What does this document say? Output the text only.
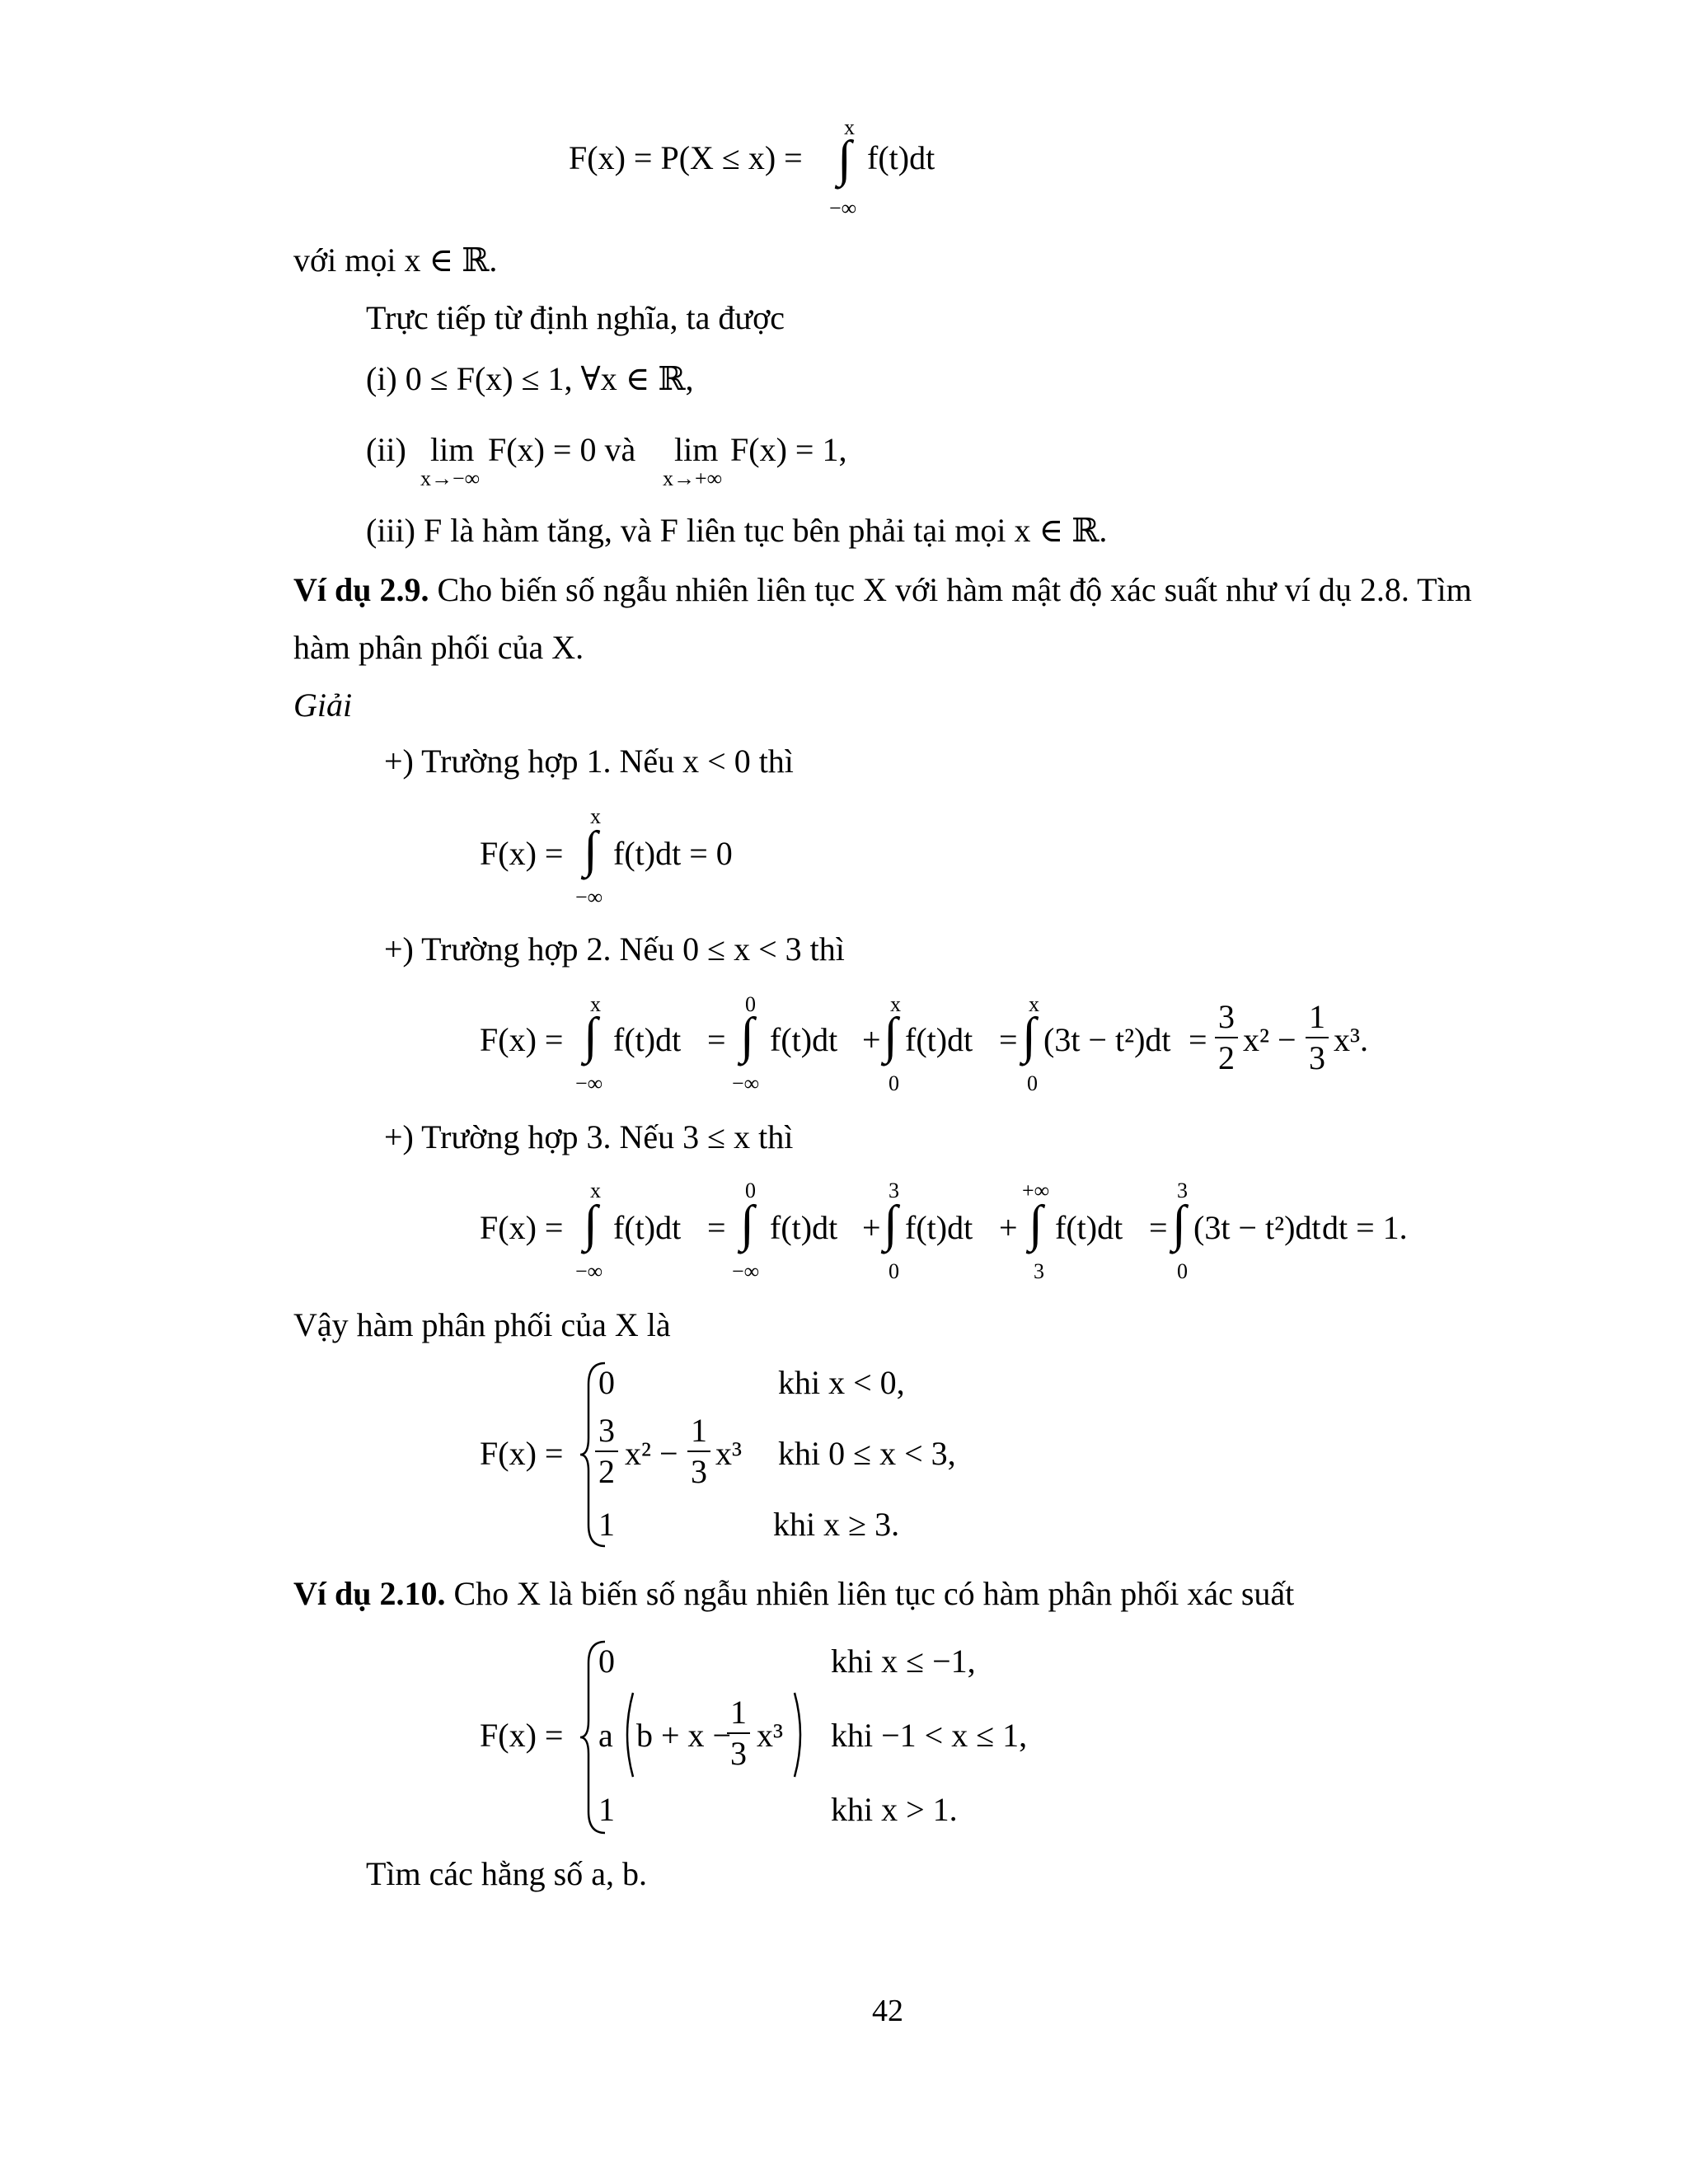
F(x) = P(X ≤ x) =
x
∫
−∞
f(t)dt
với mọi x ∈ ℝ.
Trực tiếp từ định nghĩa, ta được
(i) 0 ≤ F(x) ≤ 1, ∀x ∈ ℝ,
(ii) lim
x→−∞
F(x) = 0 và lim
x→+∞
F(x) = 1,
(iii) F là hàm tăng, và F liên tục bên phải tại mọi x ∈ ℝ.
Ví dụ 2.9. Cho biến số ngẫu nhiên liên tục X với hàm mật độ xác suất như ví dụ 2.8. Tìm
hàm phân phối của X.
Giải
+) Trường hợp 1. Nếu x < 0 thì
F(x) =
x
∫
−∞
f(t)dt = 0
+) Trường hợp 2. Nếu 0 ≤ x < 3 thì
F(x) =
x
∫
−∞
f(t)dt =
0
∫
−∞
f(t)dt +
x
∫
0
f(t)dt =
x
∫
0
$(3t - t^2)dt = \frac{3}{2} x^2 - \frac{1}{3} x^3$.
+) Trường hợp 3. Nếu 3 ≤ x thì
F(x) =
x
∫
−∞
f(t)dt =
0
∫
−∞
f(t)dt +
3
∫
0
f(t)dt +
+∞
∫
3
f(t)dt =
3
∫
0
(3t − t²)dt dt = 1.
Vậy hàm phân phối của X là
F(x) =
0	khi x < 0,
$\frac{3}{2} x^2 - \frac{1}{3} x^3$ khi 0 ≤ x < 3,
1	khi x ≥ 3.
Ví dụ 2.10. Cho X là biến số ngẫu nhiên liên tục có hàm phân phối xác suất
F(x) =
0	khi x ≤ −1,
a b + x −
$\frac{1}{3} x^3$ khi −1 < x ≤ 1,
1	khi x > 1.
Tìm các hằng số a, b.
42
